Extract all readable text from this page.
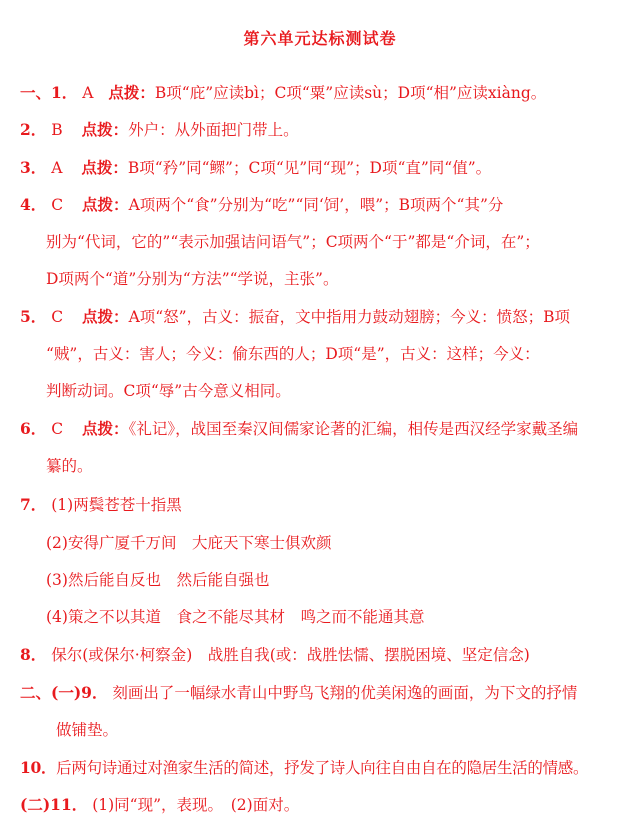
第六单元达标测试卷
一、1． A 点拨：B项“庇”应读bì；C项“粟”应读sù；D项“相”应读xiàng。
2． B 点拨：外户：从外面把门带上。
3． A 点拨：B项“矜”同“鳏”；C项“见”同“现”；D项“直”同“值”。
4． C 点拨：A项两个“食”分别为“吃”“同‘饲’，喂”；B项两个“其”分
别为“代词，它的”“表示加强诘问语气”；C项两个“于”都是“介词，在”；
D项两个“道”分别为“方法”“学说，主张”。
5． C 点拨：A项“怒”，古义：振奋，文中指用力鼓动翅膀；今义：愤怒；B项
“贼”，古义：害人；今义：偷东西的人；D项“是”，古义：这样；今义：
判断动词。C项“辱”古今意义相同。
6． C 点拨：《礼记》，战国至秦汉间儒家论著的汇编，相传是西汉经学家戴圣编
纂的。
7． (1)两鬓苍苍十指黑
(2)安得广厦千万间　大庇天下寒士俱欢颜
(3)然后能自反也　然后能自强也
(4)策之不以其道　食之不能尽其材　鸣之而不能通其意
8． 保尔(或保尔·柯察金)　战胜自我(或：战胜怯懦、摆脱困境、坚定信念)
二、(一)9． 刻画出了一幅绿水青山中野鸟飞翔的优美闲逸的画面，为下文的抒情
做铺垫。
10．后两句诗通过对渔家生活的简述，抒发了诗人向往自由自在的隐居生活的情感。
(二)11． (1)同“现”，表现。　(2)面对。
